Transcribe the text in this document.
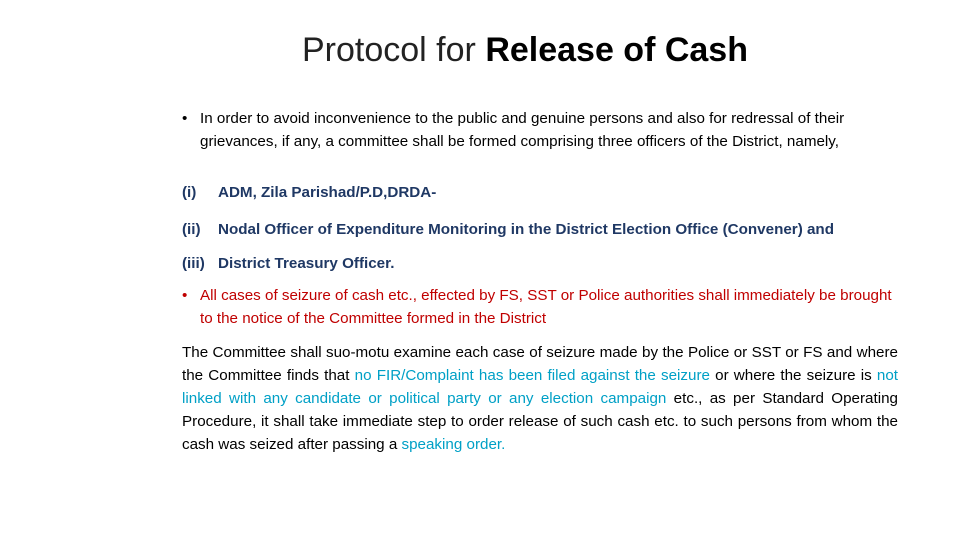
Protocol for Release of Cash
• In order to avoid inconvenience to the public and genuine persons and also for redressal of their grievances, if any, a committee shall be formed comprising three officers of the District, namely,
(i) ADM, Zila Parishad/P.D,DRDA-
(ii) Nodal Officer of Expenditure Monitoring in the District Election Office (Convener) and
(iii) District Treasury Officer.
• All cases of seizure of cash etc., effected by FS, SST or Police authorities shall immediately be brought to the notice of the Committee formed in the District
The Committee shall suo-motu examine each case of seizure made by the Police or SST or FS and where the Committee finds that no FIR/Complaint has been filed against the seizure or where the seizure is not linked with any candidate or political party or any election campaign etc., as per Standard Operating Procedure, it shall take immediate step to order release of such cash etc. to such persons from whom the cash was seized after passing a speaking order.
